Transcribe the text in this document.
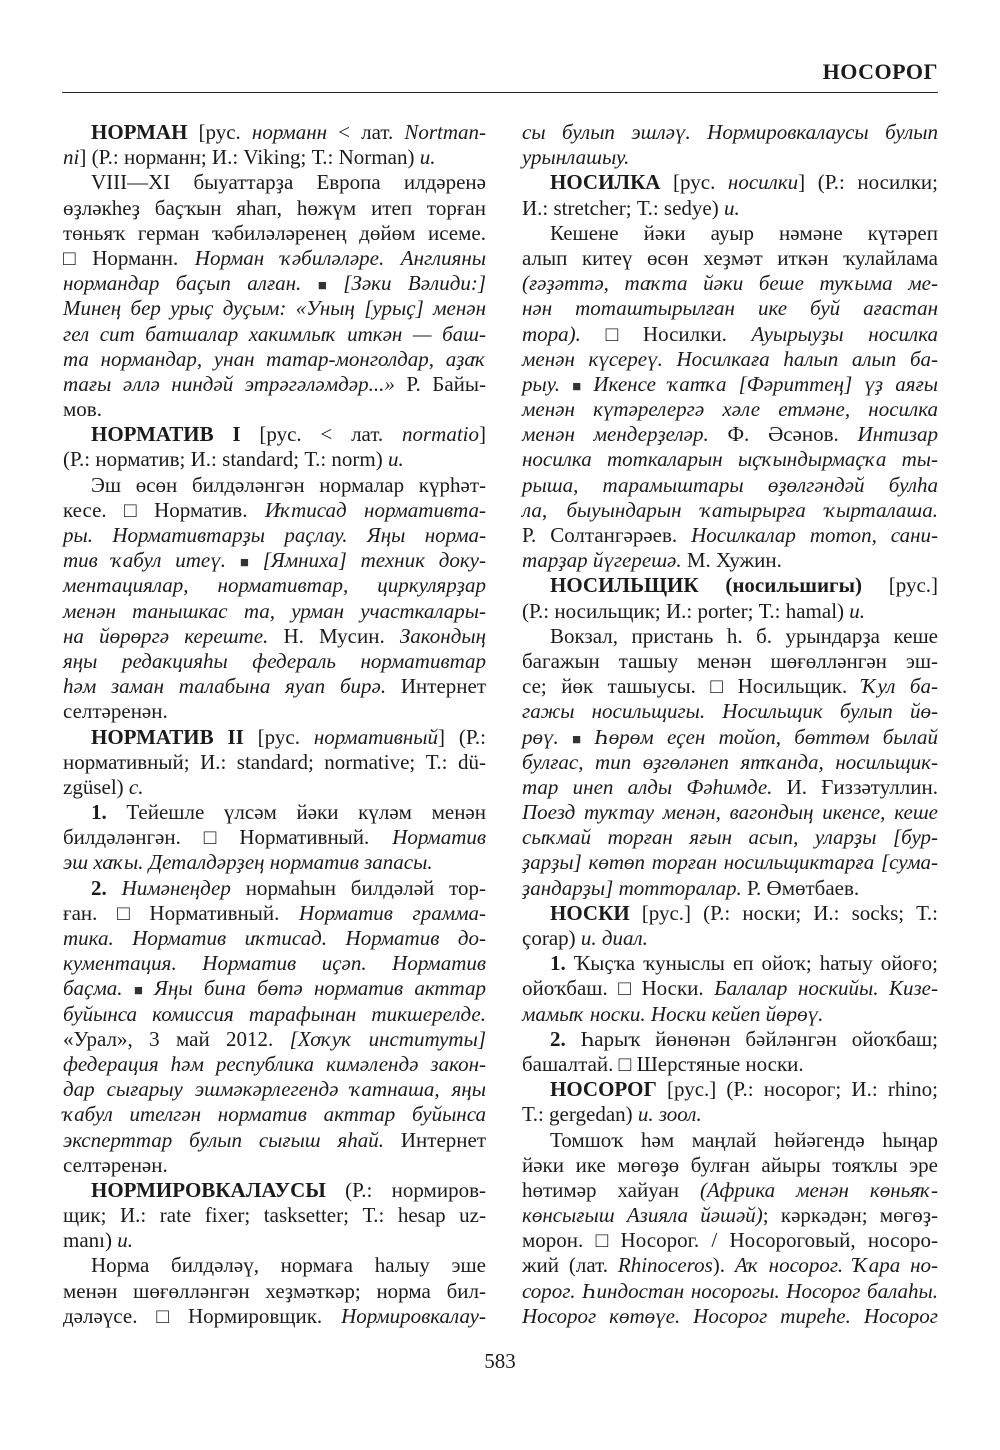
НОСОРОГ
НОРМАН [рус. норманн < лат. Nortman-
ni] (Р.: норманн; И.: Viking; Т.: Norman) и.
VIII—XI быуаттарҙа Европа илдәренә
өҙләкһеҙ баҫҡын яһап, һөжүм итеп торған
төньяҡ герман ҡәбиләләренең дөйөм исеме.
□ Норманн. Норман ҡәбиләләре. Англияны
нормандар баҫып алған. ■ [Зәки Вәлиди:]
Минең бер урыҫ дуҫым: «Уның [урыҫ] менән
гел сит батшалар хакимлыҡ иткән — баш-
та нормандар, унан татар-монголдар, аҙаҡ
тағы әллә ниндәй этрәгәләмдәр...» Р. Байы-
мов.
НОРМАТИВ I [рус. < лат. normatio]
(Р.: норматив; И.: standard; Т.: norm) и.
Эш өсөн билдәләнгән нормалар күрһәт-
кесе. □ Норматив. Иҡтисад нормативта-
ры. Нормативтарҙы раҫлау. Яңы норма-
тив ҡабул итеү. ■ [Ямниха] техник доку-
ментациялар, нормативтар, циркулярҙар
менән танышкас та, урман участкалары-
на йөрөргә кереште. Н. Мусин. Закондың
яңы редакцияһы федераль нормативтар
һәм заман талабына яуап бирә. Интернет
селтәренән.
НОРМАТИВ II [рус. нормативный] (Р.:
нормативный; И.: standard; normative; Т.: dü-
zgüsel) с.
1. Тейешле үлсәм йәки күләм менән
билдәләнгән. □ Нормативный. Норматив
эш хаҡы. Деталдәрҙең норматив запасы.
2. Нимәнеңдер нормаһын билдәләй тор-
ған. □ Нормативный. Норматив грамма-
тика. Норматив иҡтисад. Норматив до-
кументация. Норматив иҫәп. Норматив
баҫма. ■ Яңы бина бөтә норматив акттар
буйынса комиссия тарафынан тикшерелде.
«Урал», 3 май 2012. [Хоҡуҡ институты]
федерация һәм республика кимәлендә закон-
дар сығарыу эшмәкәрлегендә ҡатнаша, яңы
ҡабул ителгән норматив акттар буйынса
эксперттар булып сығыш яһай. Интернет
селтәренән.
НОРМИРОВКАЛАУСЫ (Р.: нормиров-
щик; И.: rate fixer; tasksetter; Т.: hesap uz-
manı) и.
Норма билдәләү, нормаға һалыу эше
менән шөғөлләнгән хеҙмәткәр; норма бил-
дәләүсе. □ Нормировщик. Нормировкалау-
сы булып эшләү. Нормировкалаусы булып
урынлашыу.
НОСИЛКА [рус. носилки] (Р.: носилки;
И.: stretcher; Т.: sedye) и.
Кешене йәки ауыр нәмәне күтәреп
алып китеү өсөн хеҙмәт иткән ҡулайлама
(ғәҙәттә, таҡта йәки беше туҡыма ме-
нән тоташтырылған ике буй ағастан
тора). □ Носилки. Ауырыуҙы носилка
менән күсереү. Носилкаға һалып алып ба-
рыу. ■ Икенсе ҡатҡа [Фәриттең] үҙ аяғы
менән күтәрелергә хәле етмәне, носилка
менән мендерҙеләр. Ф. Әсәнов. Интизар
носилка тоткаларын ыҫҡындырмаҫҡа ты-
рыша, тарамыштары өҙөлгәндәй булһа
ла, быуындарын ҡатырырға ҡырталаша.
Р. Солтангәрәев. Носилкалар тотоп, сани-
тарҙар йүгерешә. М. Хужин.
НОСИЛЬЩИК (носильшигы) [рус.]
(Р.: носильщик; И.: porter; Т.: hamal) и.
Вокзал, пристань һ. б. урындарҙа кеше
багажын ташыу менән шөғөлләнгән эш-
се; йөк ташыусы. □ Носильщик. Ҡул ба-
гажы носильщигы. Носильщик булып йө-
рөү. ■ Һөрөм еҫен тойоп, бөттөм былай
булғас, тип өҙгөләнеп ятҡанда, носильщик-
тар инеп алды Фәһимде. И. Ғиззәтуллин.
Поезд туҡтау менән, вагондың икенсе, кеше
сыҡмай торған яғын асып, уларҙы [бур-
ҙарҙы] көтөп торған носильщиктарға [сума-
ҙандарҙы] тотторалар. Р. Өмөтбаев.
НОСКИ [рус.] (Р.: носки; И.: socks; Т.:
çorap) и. диал.
1. Ҡыҫҡа ҡуныслы еп ойоҡ; һатыу ойоғо;
ойоҡбаш. □ Носки. Балалар носкийы. Кизе-
мамыҡ носки. Носки кейеп йөрөү.
2. Һарыҡ йөнөнән бәйләнгән ойоҡбаш;
башалтай. □ Шерстяные носки.
НОСОРОГ [рус.] (Р.: носорог; И.: rhino;
Т.: gergedan) и. зоол.
Томшоҡ һәм маңлай һөйәгендә һыңар
йәки ике мөгөҙө булған айыры тояҡлы эре
һөтимәр хайуан (Африка менән көньяҡ-
көнсығыш Азияла йәшәй); кәркәдән; мөгөҙ-
морон. □ Носорог. / Носороговый, носоро-
жий (лат. Rhinoceros). Аҡ носорог. Ҡара но-
сорог. Һиндостан носорогы. Носорог балаһы.
Носорог көтөүе. Носорог тиреһе. Носорог
583
